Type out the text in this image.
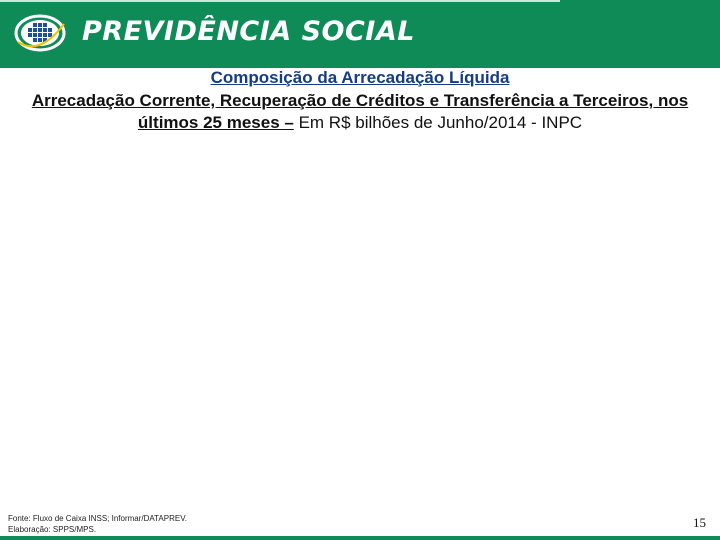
PREVIDÊNCIA SOCIAL
Composição da Arrecadação Líquida
Arrecadação Corrente, Recuperação de Créditos e Transferência a Terceiros, nos últimos 25 meses – Em R$ bilhões de Junho/2014 - INPC
Fonte: Fluxo de Caixa INSS; Informar/DATAPREV.
Elaboração: SPPS/MPS.	15
